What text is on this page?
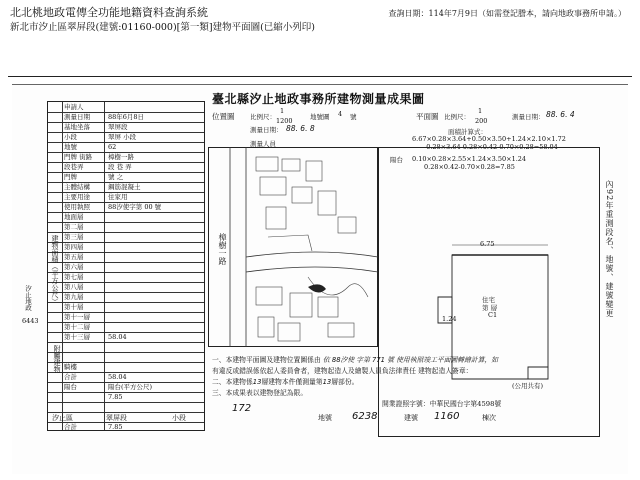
北北桃地政電傳全功能地籍資料查詢系統
新北市汐止區翠屏段(建號:01160-000)[第一類]建物平面圖(已縮小列印)
查詢日期：114年7月9日（如需登記謄本，請向地政事務所申請。）
臺北縣汐止地政事務所建物測量成果圖
申請人
測量日期	88年6月8日
基地坐落	翠屏段
小段	翠屏 小段
地號	62
門牌 街路 樟樹一路
段巷弄	段 巷 弄
門牌	號 之
主體結構	鋼筋混凝土
主要用途	住家用
使用執照	88汐使字第 00 號
地面層
第二層
第三層
第四層
第五層
第六層
第七層
第八層
第九層
第十層
第十一層
第十二層
第十三層	58.04
騎樓
合計	58.04
陽台	陽台(平方公尺)
7.85
合計	7.85
建物面積（平方公尺）
附屬建物
汐止地政
6443
位置圖 比例尺：
1
1200	地號圖 4 號
測量日期： 88. 6. 8
測量人員
樟樹一路
平面圖 比例尺：
1
200	測量日期： 88. 6. 4
面積計算式：
6.67×0.28×3.64+0.50×3.50+1.24×2.10×1.72
-0.28×3.64-0.28×0.42-0.70×0.28=58.04
陽台 0.10×0.28×2.55×1.24×3.50×1.24
0.28×0.42-0.70×0.28=7.85
6.75
1.24
住宅
第 層
C1
(公用共有)
內92年重測段名、地號、建號變更
一、本建物平面圖及建物位置圖係由 依 88汐使 字第 771 號 使用執照竣工平面圖轉繪計算，如
有違反或錯誤係依起人委員會者，建物起造人及繪製人員負法律責任 建物起造人簽章：
二、本建物係13層建物本件僅測量第13層部份。
三、本成果表以建物登記為限。
開業證照字號：中華民國台字第4598號
汐止區	翠屏段	小段
172
地號 6238	建號 1160	棟次
